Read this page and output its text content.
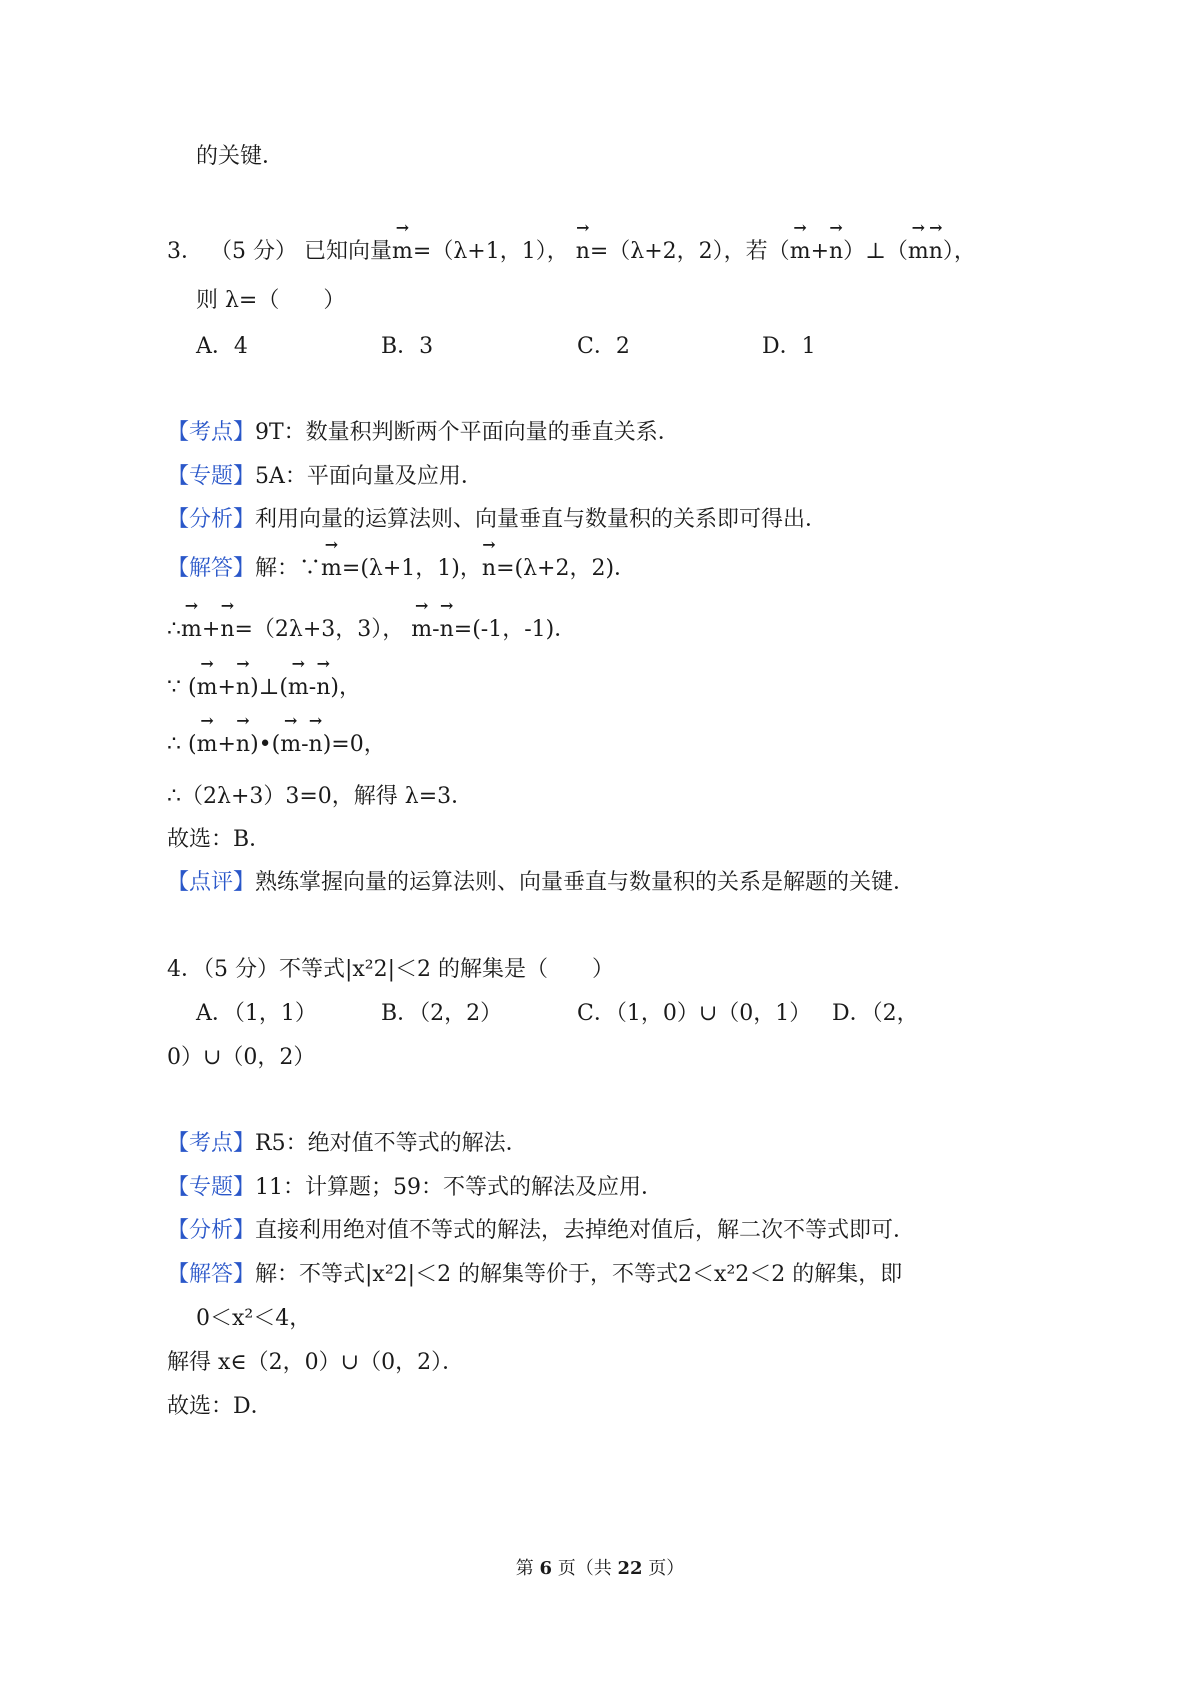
的关键．
3． （5 分） 已知向量→ m=（λ+1，1）， → n=（λ+2，2），若（→ m+→ n）⊥（→ m→ n），
则 λ=（　　）
A．4	B．3	C．2	D．1
【考点】9T：数量积判断两个平面向量的垂直关系．
【专题】5A：平面向量及应用．
【分析】利用向量的运算法则、向量垂直与数量积的关系即可得出．
【解答】解：∵→ m=(λ+1，1)，→ n=(λ+2，2)．
∴→ m+→ n=（2λ+3，3）， → m-→ n=(-1，-1)．
∵ (→ m+→ n)⊥(→ m-→ n)，
∴ (→ m+→ n)•(→ m-→ n)=0，
∴（2λ+3）3=0，解得 λ=3．
故选：B．
【点评】熟练掌握向量的运算法则、向量垂直与数量积的关系是解题的关键．
4．（5 分）不等式|x²2|＜2 的解集是（　　）
A．（1，1）	B．（2，2）	C．（1，0）∪（0，1） D．（2，
0）∪（0，2）
【考点】R5：绝对值不等式的解法．
【专题】11：计算题；59：不等式的解法及应用．
【分析】直接利用绝对值不等式的解法，去掉绝对值后，解二次不等式即可．
【解答】解：不等式|x²2|＜2 的解集等价于，不等式2＜x²2＜2 的解集，即
0＜x²＜4，
解得 x∈（2，0）∪（0，2）．
故选：D．
第 6 页（共 22 页）
